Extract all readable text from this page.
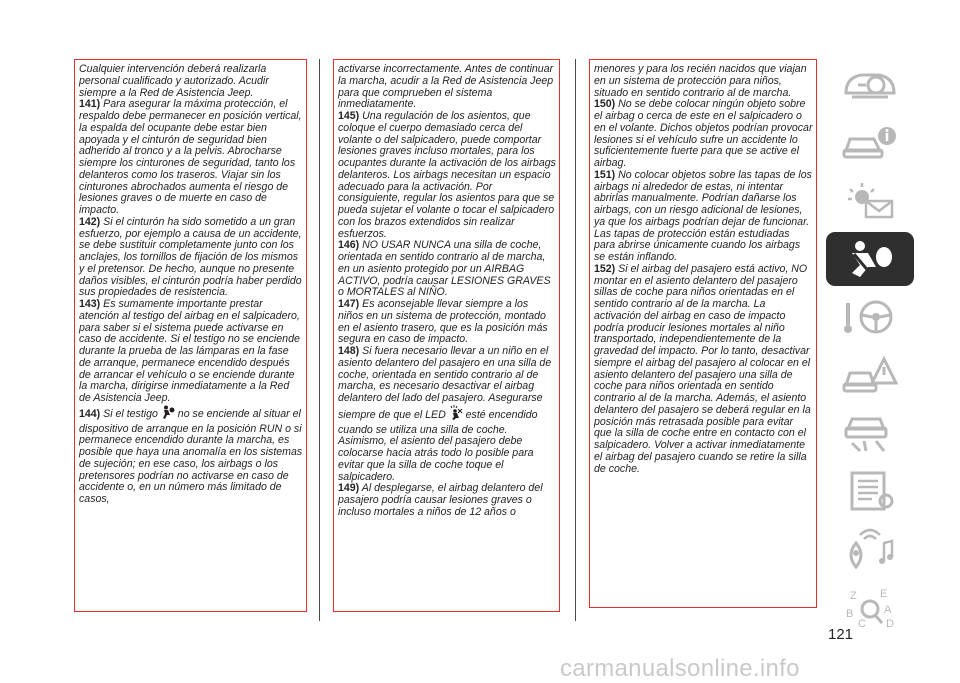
Cualquier intervención deberá realizarla personal cualificado y autorizado. Acudir siempre a la Red de Asistencia Jeep.

141) Para asegurar la máxima protección, el respaldo debe permanecer en posición vertical, la espalda del ocupante debe estar bien apoyada y el cinturón de seguridad bien adherido al tronco y a la pelvis. Abrocharse siempre los cinturones de seguridad, tanto los delanteros como los traseros. Viajar sin los cinturones abrochados aumenta el riesgo de lesiones graves o de muerte en caso de impacto.

142) Si el cinturón ha sido sometido a un gran esfuerzo, por ejemplo a causa de un accidente, se debe sustituir completamente junto con los anclajes, los tornillos de fijación de los mismos y el pretensor. De hecho, aunque no presente daños visibles, el cinturón podría haber perdido sus propiedades de resistencia.

143) Es sumamente importante prestar atención al testigo del airbag en el salpicadero, para saber si el sistema puede activarse en caso de accidente. Si el testigo no se enciende durante la prueba de las lámparas en la fase de arranque, permanece encendido después de arrancar el vehículo o se enciende durante la marcha, dirigirse inmediatamente a la Red de Asistencia Jeep.

144) Si el testigo  no se enciende al situar el dispositivo de arranque en la posición RUN o si permanece encendido durante la marcha, es posible que haya una anomalía en los sistemas de sujeción; en ese caso, los airbags o los pretensores podrían no activarse en caso de accidente o, en un número más limitado de casos,

activarse incorrectamente. Antes de continuar la marcha, acudir a la Red de Asistencia Jeep para que comprueben el sistema inmediatamente.

145) Una regulación de los asientos, que coloque el cuerpo demasiado cerca del volante o del salpicadero, puede comportar lesiones graves incluso mortales, para los ocupantes durante la activación de los airbags delanteros. Los airbags necesitan un espacio adecuado para la activación. Por consiguiente, regular los asientos para que se pueda sujetar el volante o tocar el salpicadero con los brazos extendidos sin realizar esfuerzos.

146) NO USAR NUNCA una silla de coche, orientada en sentido contrario al de marcha, en un asiento protegido por un AIRBAG ACTIVO, podría causar LESIONES GRAVES o MORTALES al NIÑO.

147) Es aconsejable llevar siempre a los niños en un sistema de protección, montado en el asiento trasero, que es la posición más segura en caso de impacto.

148) Si fuera necesario llevar a un niño en el asiento delantero del pasajero en una silla de coche, orientada en sentido contrario al de marcha, es necesario desactivar el airbag delantero del lado del pasajero. Asegurarse siempre de que el LED  esté encendido cuando se utiliza una silla de coche. Asimismo, el asiento del pasajero debe colocarse hacia atrás todo lo posible para evitar que la silla de coche toque el salpicadero.

149) Al desplegarse, el airbag delantero del pasajero podría causar lesiones graves o incluso mortales a niños de 12 años o

menores y para los recién nacidos que viajan en un sistema de protección para niños, situado en sentido contrario al de marcha.

150) No se debe colocar ningún objeto sobre el airbag o cerca de este en el salpicadero o en el volante. Dichos objetos podrían provocar lesiones si el vehículo sufre un accidente lo suficientemente fuerte para que se active el airbag.

151) No colocar objetos sobre las tapas de los airbags ni alrededor de estas, ni intentar abrirlas manualmente. Podrían dañarse los airbags, con un riesgo adicional de lesiones, ya que los airbags podrían dejar de funcionar. Las tapas de protección están estudiadas para abrirse únicamente cuando los airbags se están inflando.

152) Si el airbag del pasajero está activo, NO montar en el asiento delantero del pasajero sillas de coche para niños orientadas en el sentido contrario al de la marcha. La activación del airbag en caso de impacto podría producir lesiones mortales al niño transportado, independientemente de la gravedad del impacto. Por lo tanto, desactivar siempre el airbag del pasajero al colocar en el asiento delantero del pasajero una silla de coche para niños orientada en sentido contrario al de la marcha. Además, el asiento delantero del pasajero se deberá regular en la posición más retrasada posible para evitar que la silla de coche entre en contacto con el salpicadero. Volver a activar inmediatamente el airbag del pasajero cuando se retire la silla de coche.

Z E
B	A
C D
121
carmanualsonline.info
